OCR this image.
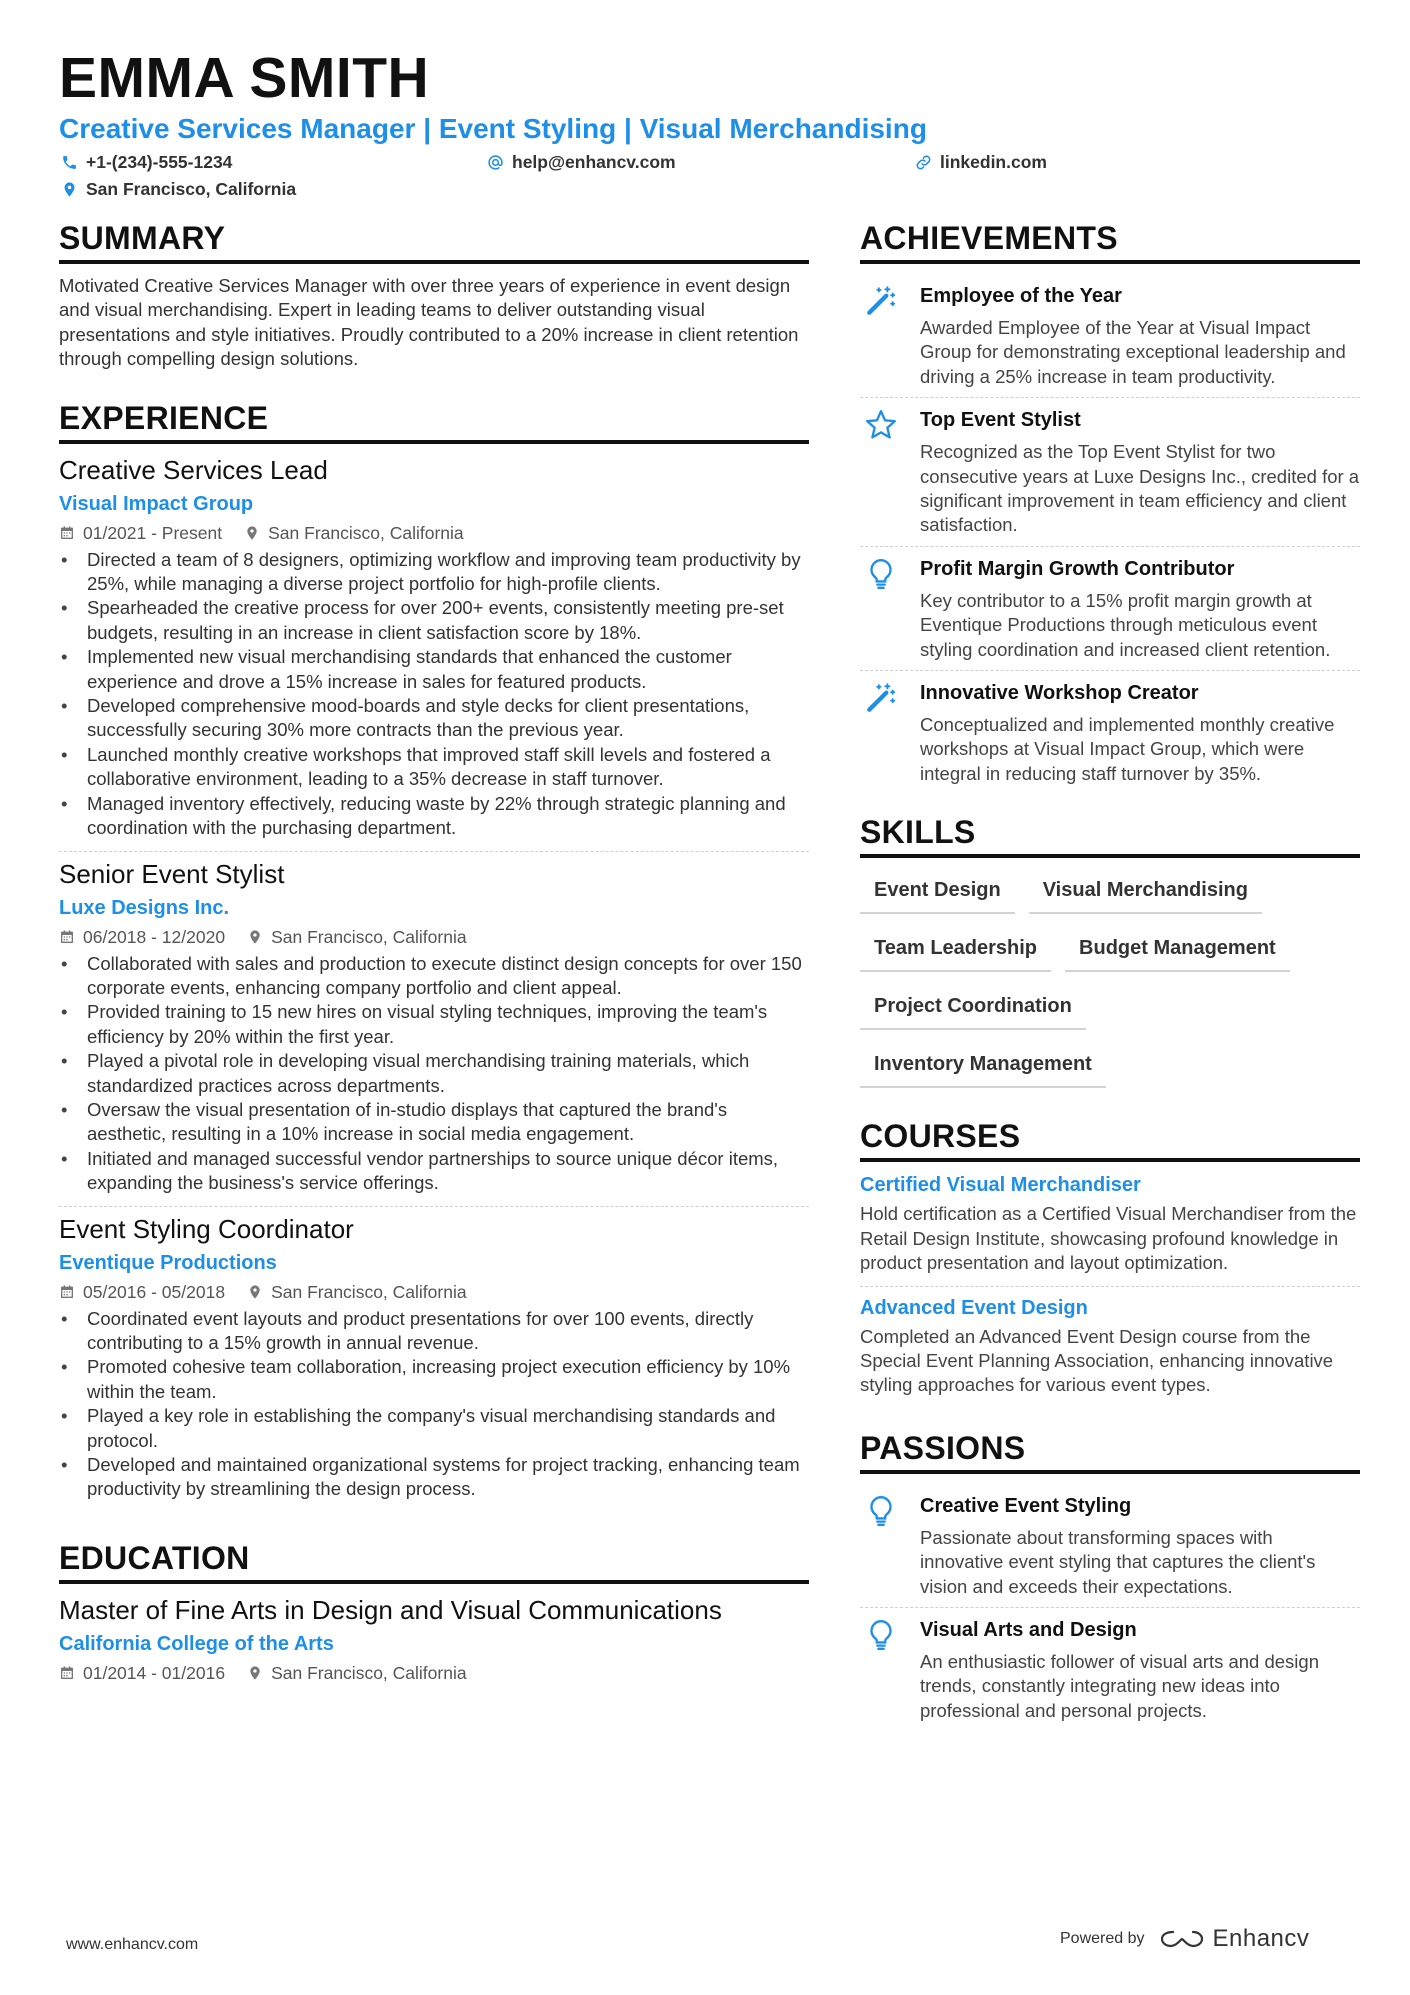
EMMA SMITH
Creative Services Manager | Event Styling | Visual Merchandising
+1-(234)-555-1234	help@enhancv.com	linkedin.com
San Francisco, California
SUMMARY
Motivated Creative Services Manager with over three years of experience in event design and visual merchandising. Expert in leading teams to deliver outstanding visual presentations and style initiatives. Proudly contributed to a 20% increase in client retention through compelling design solutions.
EXPERIENCE
Creative Services Lead
Visual Impact Group
01/2021 - Present	San Francisco, California
• Directed a team of 8 designers, optimizing workflow and improving team productivity by 25%, while managing a diverse project portfolio for high-profile clients.
• Spearheaded the creative process for over 200+ events, consistently meeting pre-set budgets, resulting in an increase in client satisfaction score by 18%.
• Implemented new visual merchandising standards that enhanced the customer experience and drove a 15% increase in sales for featured products.
• Developed comprehensive mood-boards and style decks for client presentations, successfully securing 30% more contracts than the previous year.
• Launched monthly creative workshops that improved staff skill levels and fostered a collaborative environment, leading to a 35% decrease in staff turnover.
• Managed inventory effectively, reducing waste by 22% through strategic planning and coordination with the purchasing department.
Senior Event Stylist
Luxe Designs Inc.
06/2018 - 12/2020	San Francisco, California
• Collaborated with sales and production to execute distinct design concepts for over 150 corporate events, enhancing company portfolio and client appeal.
• Provided training to 15 new hires on visual styling techniques, improving the team's efficiency by 20% within the first year.
• Played a pivotal role in developing visual merchandising training materials, which standardized practices across departments.
• Oversaw the visual presentation of in-studio displays that captured the brand's aesthetic, resulting in a 10% increase in social media engagement.
• Initiated and managed successful vendor partnerships to source unique décor items, expanding the business's service offerings.
Event Styling Coordinator
Eventique Productions
05/2016 - 05/2018	San Francisco, California
• Coordinated event layouts and product presentations for over 100 events, directly contributing to a 15% growth in annual revenue.
• Promoted cohesive team collaboration, increasing project execution efficiency by 10% within the team.
• Played a key role in establishing the company's visual merchandising standards and protocol.
• Developed and maintained organizational systems for project tracking, enhancing team productivity by streamlining the design process.
EDUCATION
Master of Fine Arts in Design and Visual Communications
California College of the Arts
01/2014 - 01/2016	San Francisco, California
ACHIEVEMENTS
Employee of the Year
Awarded Employee of the Year at Visual Impact Group for demonstrating exceptional leadership and driving a 25% increase in team productivity.
Top Event Stylist
Recognized as the Top Event Stylist for two consecutive years at Luxe Designs Inc., credited for a significant improvement in team efficiency and client satisfaction.
Profit Margin Growth Contributor
Key contributor to a 15% profit margin growth at Eventique Productions through meticulous event styling coordination and increased client retention.
Innovative Workshop Creator
Conceptualized and implemented monthly creative workshops at Visual Impact Group, which were integral in reducing staff turnover by 35%.
SKILLS
Event Design	Visual Merchandising
Team Leadership	Budget Management
Project Coordination
Inventory Management
COURSES
Certified Visual Merchandiser
Hold certification as a Certified Visual Merchandiser from the Retail Design Institute, showcasing profound knowledge in product presentation and layout optimization.
Advanced Event Design
Completed an Advanced Event Design course from the Special Event Planning Association, enhancing innovative styling approaches for various event types.
PASSIONS
Creative Event Styling
Passionate about transforming spaces with innovative event styling that captures the client's vision and exceeds their expectations.
Visual Arts and Design
An enthusiastic follower of visual arts and design trends, constantly integrating new ideas into professional and personal projects.
www.enhancv.com	Powered by	Enhancv
